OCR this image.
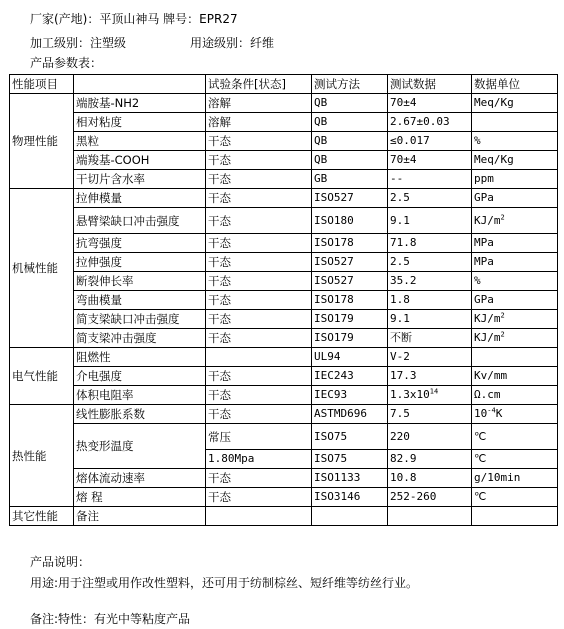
厂家(产地)：平顶山神马 牌号：EPR27
加工级别：注塑级	用途级别：纤维
产品参数表：
性能项目		试验条件[状态]	测试方法	测试数据	数据单位
物理性能	端胺基-NH2	溶解	QB	70±4	Meq/Kg
	相对粘度	溶解	QB	2.67±0.03	
	黑粒	干态	QB	≤0.017	%
	端羧基-COOH	干态	QB	70±4	Meq/Kg
	干切片含水率	干态	GB	--	ppm
机械性能	拉伸模量	干态	ISO527	2.5	GPa
	悬臂梁缺口冲击强度	干态	ISO180	9.1	$KJ/m^2$
	抗弯强度	干态	ISO178	71.8	MPa
	拉伸强度	干态	ISO527	2.5	MPa
	断裂伸长率	干态	ISO527	35.2	%
	弯曲模量	干态	ISO178	1.8	GPa
	简支梁缺口冲击强度	干态	ISO179	9.1	$KJ/m^2$
	简支梁冲击强度	干态	ISO179	不断	$KJ/m^2$
电气性能	阻燃性		UL94	V-2	
	介电强度	干态	IEC243	17.3	Kv/mm
	体积电阻率	干态	IEC93	$1.3x10^{14}$	Ω.cm
热性能	线性膨胀系数	干态	ASTMD696	7.5	$10^{-4}K$
	热变形温度	常压	ISO75	220	℃
		1.80Mpa	ISO75	82.9	℃
	熔体流动速率	干态	ISO1133	10.8	g/10min
	熔 程	干态	ISO3146	252-260	℃
其它性能	备注				
产品说明：
用途:用于注塑或用作改性塑料，还可用于纺制棕丝、短纤维等纺丝行业。
备注:特性：有光中等粘度产品
